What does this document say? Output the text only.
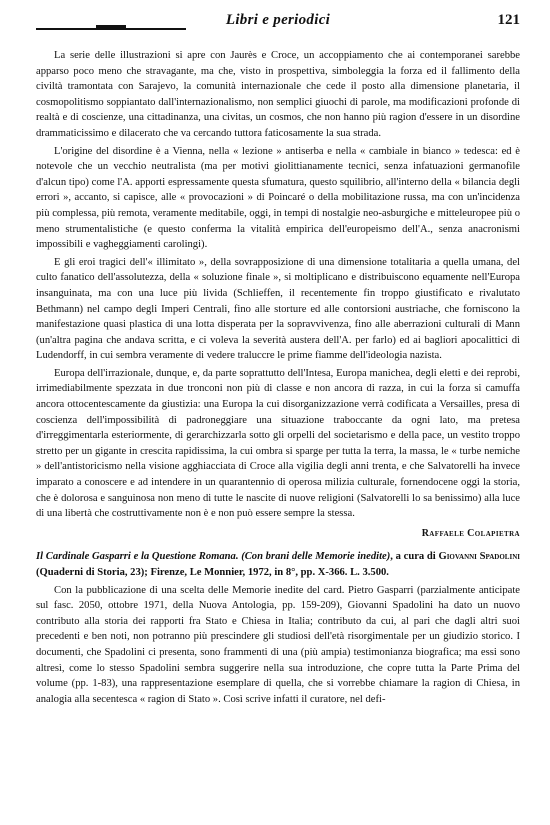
Libri e periodici	121

La serie delle illustrazioni si apre con Jaurès e Croce, un accoppiamento che ai contemporanei sarebbe apparso poco meno che stravagante, ma che, visto in prospettiva, simboleggia la forza ed il fallimento della civiltà tramontata con Sarajevo, la comunità internazionale che cede il posto alla dimensione planetaria, il cosmopolitismo soppiantato dall'internazionalismo, non semplici giuochi di parole, ma modificazioni profonde di realtà e di coscienze, una cittadinanza, una civitas, un cosmos, che non hanno più ragion d'essere in un disordine drammaticissimo e dilacerato che va cercando tuttora faticosamente la sua strada.

L'origine del disordine è a Vienna, nella « lezione » antiserba e nella « cambiale in bianco » tedesca: ed è notevole che un vecchio neutralista (ma per motivi giolittianamente tecnici, senza infatuazioni germanofile d'alcun tipo) come l'A. apporti espressamente questa sfumatura, questo squilibrio, all'interno della « bilancia degli errori », accanto, si capisce, alle « provocazioni » di Poincaré o della mobilitazione russa, ma con un'incidenza più complessa, più remota, veramente meditabile, oggi, in tempi di nostalgie neo-asburgiche e mitteleuropee più o meno strumentalistiche (e questo conferma la vitalità empirica dell'europeismo dell'A., senza anacronismi impossibili e vagheggiamenti carolingi).

E gli eroi tragici dell'« illimitato », della sovrapposizione di una dimensione totalitaria a quella umana, del culto fanatico dell'assolutezza, della « soluzione finale », si moltiplicano e distribuiscono equamente nell'Europa insanguinata, ma con una luce più livida (Schlieffen, il recentemente fin troppo giustificato e rivalutato Bethmann) nel campo degli Imperi Centrali, fino alle storture ed alle contorsioni austriache, che forniscono la manifestazione quasi plastica di una lotta disperata per la sopravvivenza, fino alle aberrazioni culturali di Mann (un'altra pagina che andava scritta, e ci voleva la severità austera dell'A. per farlo) ed ai bagliori apocalittici di Ludendorff, in cui sembra veramente di vedere traluccre le prime fiamme dell'ideologia nazista.

Europa dell'irrazionale, dunque, e, da parte soprattutto dell'Intesa, Europa manichea, degli eletti e dei reprobi, irrimediabilmente spezzata in due tronconi non più di classe e non ancora di razza, in cui la forza si camuffa ancora ottocentescamente da giustizia: una Europa la cui disorganizzazione verrà codificata a Versailles, presa di coscienza dell'impossibilità di padroneggiare una situazione traboccante da ogni lato, ma pretesa d'irreggimentarla esteriormente, di gerarchizzarla sotto gli orpelli del societarismo e della pace, un vestito troppo stretto per un gigante in crescita rapidissima, la cui ombra si sparge per tutta la terra, la massa, le « turbe nemiche » dell'antistoricismo nella visione agghiacciata di Croce alla vigilia degli anni trenta, e che Salvatorelli ha invece imparato a conoscere e ad intendere in un quarantennio di operosa milizia culturale, fornendocene oggi la storia, che è dolorosa e sanguinosa non meno di tutte le nascite di nuove religioni (Salvatorelli lo sa benissimo) alla luce di una libertà che costruttivamente non è e non può essere sempre la stessa.

Raffaele Colapietra

Il Cardinale Gasparri e la Questione Romana. (Con brani delle Memorie inedite), a cura di Giovanni Spadolini (Quaderni di Storia, 23); Firenze, Le Monnier, 1972, in 8°, pp. X-366. L. 3.500.

Con la pubblicazione di una scelta delle Memorie inedite del card. Pietro Gasparri (parzialmente anticipate sul fasc. 2050, ottobre 1971, della Nuova Antologia, pp. 159-209), Giovanni Spadolini ha dato un nuovo contributo alla storia dei rapporti fra Stato e Chiesa in Italia; contributo da cui, al pari che dagli altri suoi precedenti e ben noti, non potranno più prescindere gli studiosi dell'età risorgimentale per un giudizio storico. I documenti, che Spadolini ci presenta, sono frammenti di una (più ampia) testimonianza biografica; ma essi sono altresì, come lo stesso Spadolini sembra suggerire nella sua introduzione, che copre tutta la Parte Prima del volume (pp. 1-83), una rappresentazione esemplare di quella, che si vorrebbe chiamare la ragion di Chiesa, in analogia alla secentesca « ragion di Stato ». Così scrive infatti il curatore, nel defi-
